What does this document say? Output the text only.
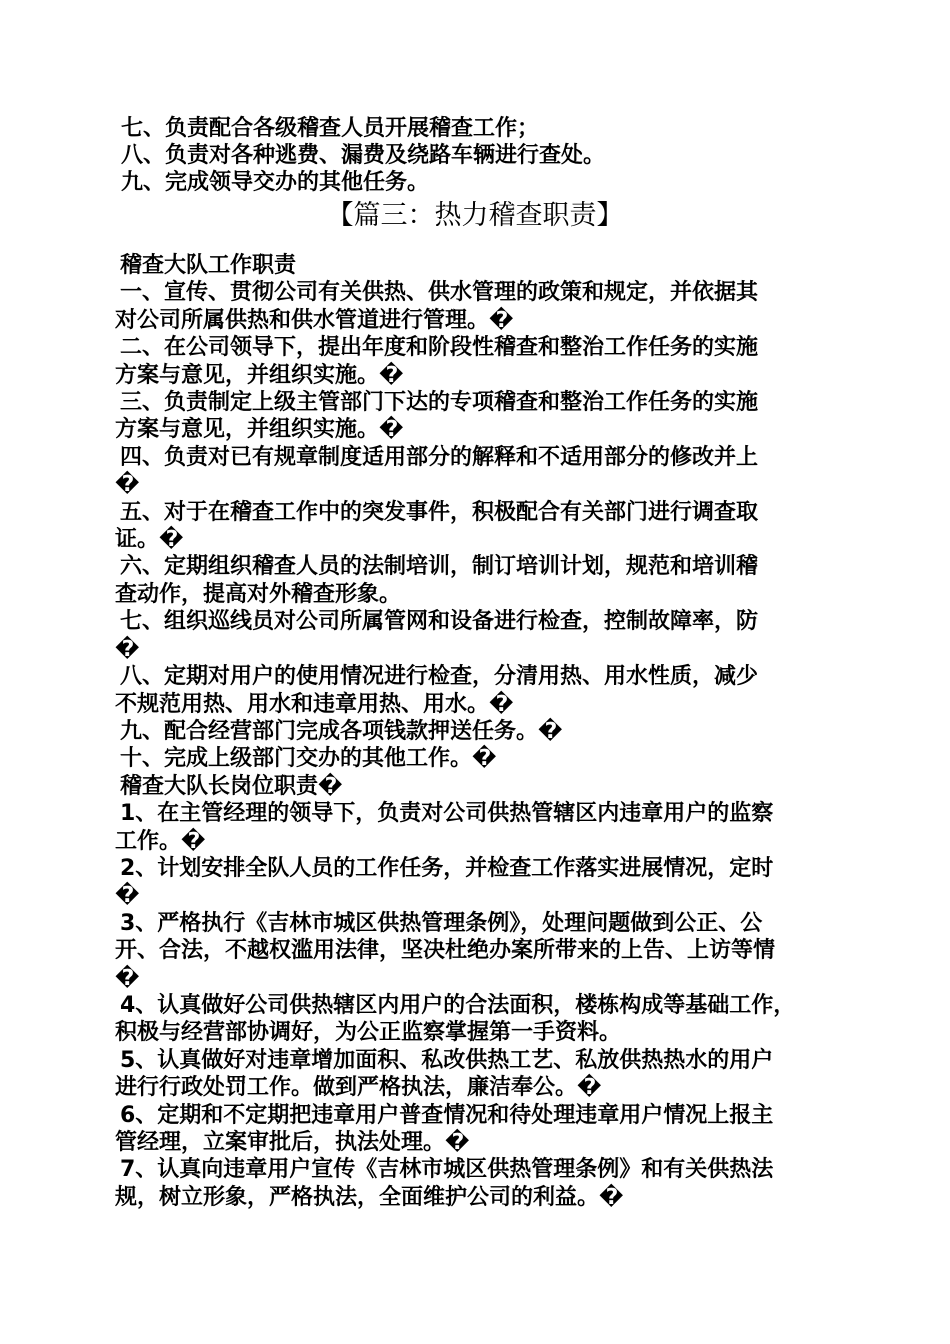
七、负责配合各级稽查人员开展稽查工作；
八、负责对各种逃费、漏费及绕路车辆进行查处。
九、完成领导交办的其他任务。
【篇三：热力稽查职责】
稽查大队工作职责
一、宣传、贯彻公司有关供热、供水管理的政策和规定，并依据其
对公司所属供热和供水管道进行管理。�
二、在公司领导下，提出年度和阶段性稽查和整治工作任务的实施
方案与意见，并组织实施。�
三、负责制定上级主管部门下达的专项稽查和整治工作任务的实施
方案与意见，并组织实施。�
四、负责对已有规章制度适用部分的解释和不适用部分的修改并上
�
五、对于在稽查工作中的突发事件，积极配合有关部门进行调查取
证。�
六、定期组织稽查人员的法制培训，制订培训计划，规范和培训稽
查动作，提高对外稽查形象。
七、组织巡线员对公司所属管网和设备进行检查，控制故障率，防
�
八、定期对用户的使用情况进行检查，分清用热、用水性质，减少
不规范用热、用水和违章用热、用水。�
九、配合经营部门完成各项钱款押送任务。�
十、完成上级部门交办的其他工作。�
稽查大队长岗位职责�
1、在主管经理的领导下，负责对公司供热管辖区内违章用户的监察
工作。�
2、计划安排全队人员的工作任务，并检查工作落实进展情况，定时
�
3、严格执行《吉林市城区供热管理条例》，处理问题做到公正、公
开、合法，不越权滥用法律，坚决杜绝办案所带来的上告、上访等情
�
4、认真做好公司供热辖区内用户的合法面积，楼栋构成等基础工作，
积极与经营部协调好，为公正监察掌握第一手资料。
5、认真做好对违章增加面积、私改供热工艺、私放供热热水的用户
进行行政处罚工作。做到严格执法，廉洁奉公。�
6、定期和不定期把违章用户普查情况和待处理违章用户情况上报主
管经理，立案审批后，执法处理。�
7、认真向违章用户宣传《吉林市城区供热管理条例》和有关供热法
规，树立形象，严格执法，全面维护公司的利益。�
